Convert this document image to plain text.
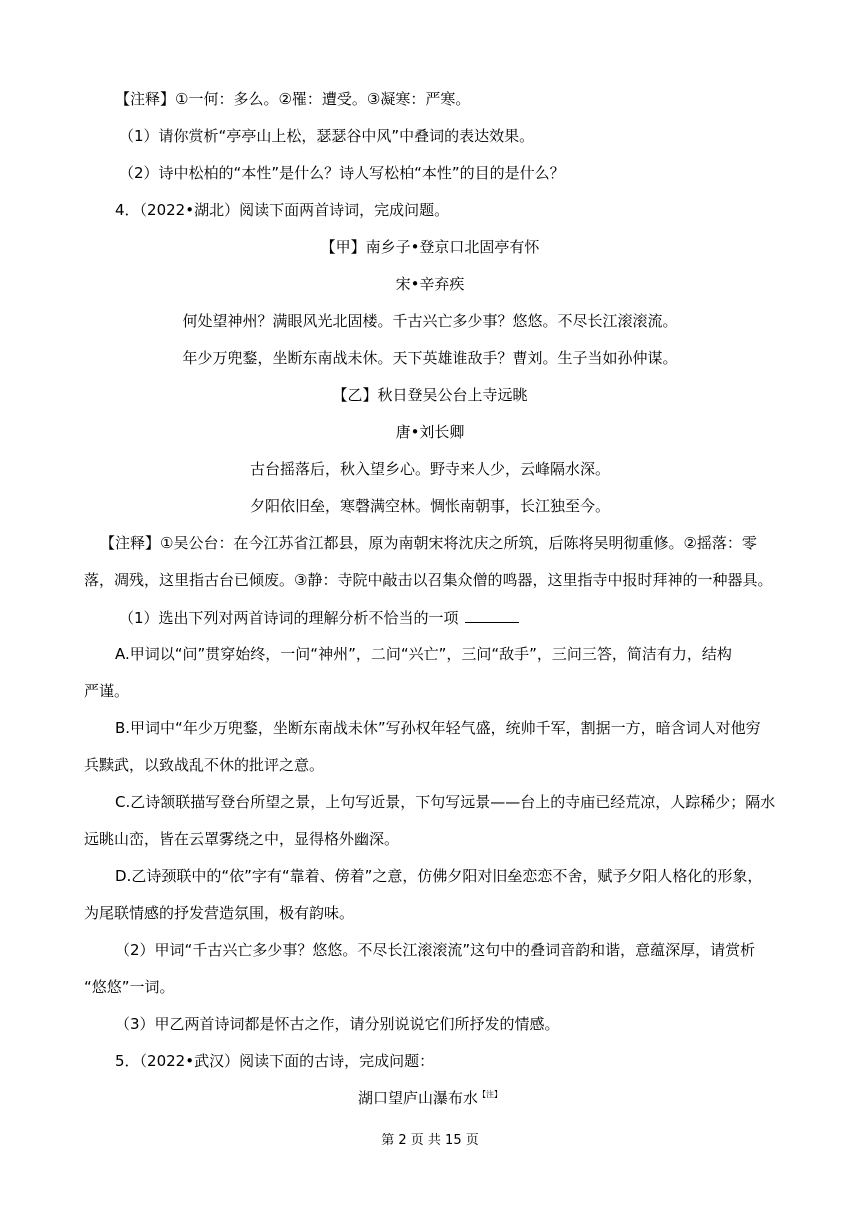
【注释】①一何：多么。②罹：遭受。③凝寒：严寒。
（1）请你赏析“亭亭山上松，瑟瑟谷中风”中叠词的表达效果。
（2）诗中松柏的“本性”是什么？诗人写松柏“本性”的目的是什么？
4．（2022•湖北）阅读下面两首诗词，完成问题。
【甲】南乡子•登京口北固亭有怀
宋•辛弃疾
何处望神州？满眼风光北固楼。千古兴亡多少事？悠悠。不尽长江滚滚流。
年少万兜鍪，坐断东南战未休。天下英雄谁敌手？曹刘。生子当如孙仲谋。
【乙】秋日登吴公台上寺远眺
唐•刘长卿
古台摇落后，秋入望乡心。野寺来人少，云峰隔水深。
夕阳依旧垒，寒磬满空林。惆怅南朝事，长江独至今。
【注释】①吴公台：在今江苏省江都县，原为南朝宋将沈庆之所筑，后陈将吴明彻重修。②摇落：零
落，凋残，这里指古台已倾废。③静：寺院中敲击以召集众僧的鸣器，这里指寺中报时拜神的一种器具。
（1）选出下列对两首诗词的理解分析不恰当的一项
A.甲词以“问”贯穿始终，一问“神州”，二问“兴亡”，三问“敌手”，三问三答，简洁有力，结构
严谨。
B.甲词中“年少万兜鍪，坐断东南战未休”写孙权年轻气盛，统帅千军，割据一方，暗含词人对他穷
兵黩武，以致战乱不休的批评之意。
C.乙诗颔联描写登台所望之景，上句写近景，下句写远景——台上的寺庙已经荒凉，人踪稀少；隔水
远眺山峦，皆在云罩雾绕之中，显得格外幽深。
D.乙诗颈联中的“依”字有“靠着、傍着”之意，仿佛夕阳对旧垒恋恋不舍，赋予夕阳人格化的形象，
为尾联情感的抒发营造氛围，极有韵味。
（2）甲词“千古兴亡多少事？悠悠。不尽长江滚滚流”这句中的叠词音韵和谐，意蕴深厚，请赏析
“悠悠”一词。
（3）甲乙两首诗词都是怀古之作，请分别说说它们所抒发的情感。
5．（2022•武汉）阅读下面的古诗，完成问题：
湖口望庐山瀑布水$^{【注】}$
第 2 页 共 15 页
